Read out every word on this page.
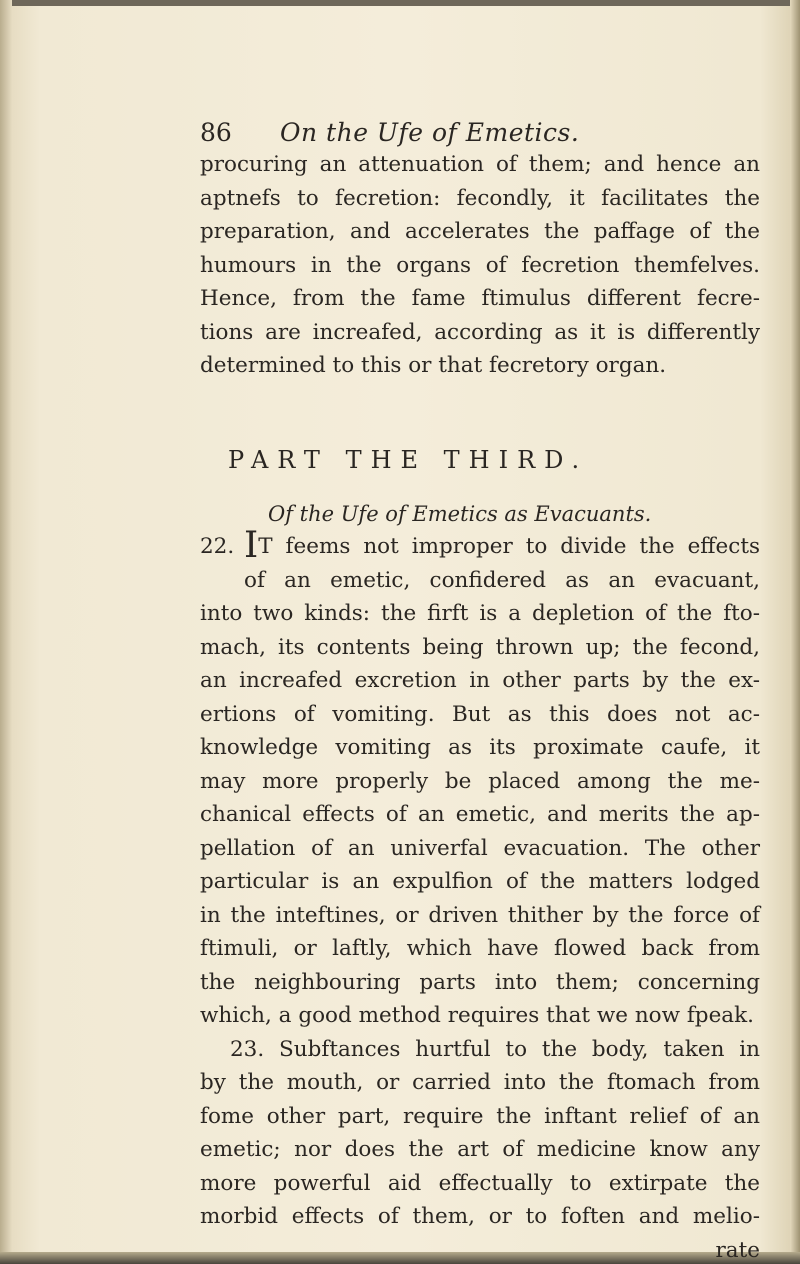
86 On the Ufe of Emetics.
procuring an attenuation of them; and hence an
aptnefs to fecretion: fecondly, it facilitates the
preparation, and accelerates the paffage of the
humours in the organs of fecretion themfelves.
Hence, from the fame ftimulus different fecre-
tions are increafed, according as it is differently
determined to this or that fecretory organ.
PART THE THIRD.
Of the Ufe of Emetics as Evacuants.
22. IT feems not improper to divide the effects
of an emetic, confidered as an evacuant,
into two kinds: the firft is a depletion of the fto-
mach, its contents being thrown up; the fecond,
an increafed excretion in other parts by the ex-
ertions of vomiting. But as this does not ac-
knowledge vomiting as its proximate caufe, it
may more properly be placed among the me-
chanical effects of an emetic, and merits the ap-
pellation of an univerfal evacuation. The other
particular is an expulfion of the matters lodged
in the inteftines, or driven thither by the force of
ftimuli, or laftly, which have flowed back from
the neighbouring parts into them; concerning
which, a good method requires that we now fpeak.
23. Subftances hurtful to the body, taken in
by the mouth, or carried into the ftomach from
fome other part, require the inftant relief of an
emetic; nor does the art of medicine know any
more powerful aid effectually to extirpate the
morbid effects of them, or to foften and melio-
rate
